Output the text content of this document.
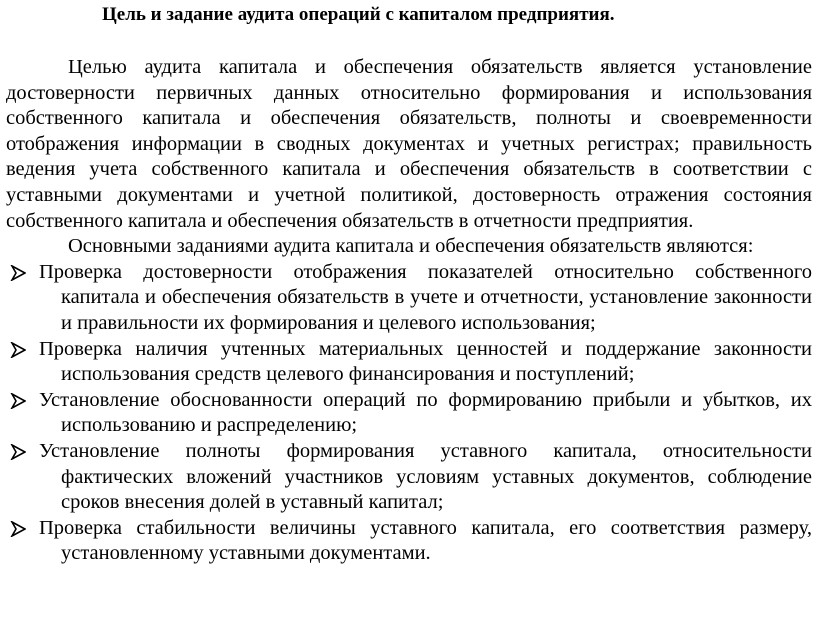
Цель и задание аудита операций с капиталом предприятия.

Целью аудита капитала и обеспечения обязательств является установление достоверности первичных данных относительно формирования и использования собственного капитала и обеспечения обязательств, полноты и своевременности отображения информации в сводных документах и учетных регистрах; правильность ведения учета собственного капитала и обеспечения обязательств в соответствии с уставными документами и учетной политикой, достоверность отражения состояния собственного капитала и обеспечения обязательств в отчетности предприятия.

Основными заданиями аудита капитала и обеспечения обязательств являются:

Проверка достоверности отображения показателей относительно собственного капитала и обеспечения обязательств в учете и отчетности, установление законности и правильности их формирования и целевого использования;
Проверка наличия учтенных материальных ценностей и поддержание законности использования средств целевого финансирования и поступлений;
Установление обоснованности операций по формированию прибыли и убытков, их использованию и распределению;
Установление полноты формирования уставного капитала, относительности фактических вложений участников условиям уставных документов, соблюдение сроков внесения долей в уставный капитал;
Проверка стабильности величины уставного капитала, его соответствия размеру, установленному уставными документами.
